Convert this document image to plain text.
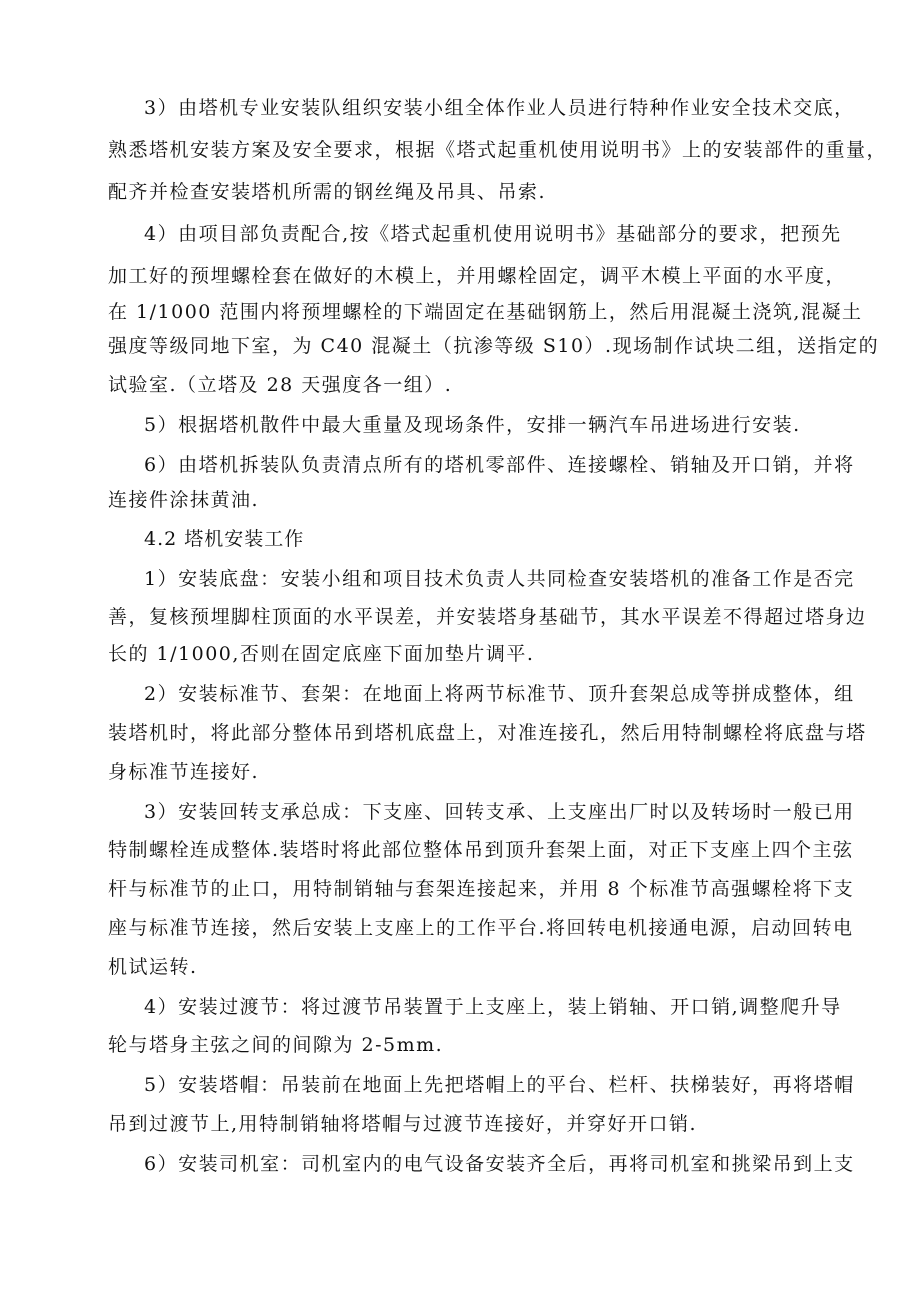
3）由塔机专业安装队组织安装小组全体作业人员进行特种作业安全技术交底，
熟悉塔机安装方案及安全要求，根据《塔式起重机使用说明书》上的安装部件的重量，
配齐并检查安装塔机所需的钢丝绳及吊具、吊索.
4）由项目部负责配合,按《塔式起重机使用说明书》基础部分的要求，把预先
加工好的预埋螺栓套在做好的木模上，并用螺栓固定，调平木模上平面的水平度，
在 1/1000 范围内将预埋螺栓的下端固定在基础钢筋上，然后用混凝土浇筑,混凝土
强度等级同地下室，为 C40 混凝土（抗渗等级 S10）.现场制作试块二组，送指定的
试验室.（立塔及 28 天强度各一组）.
5）根据塔机散件中最大重量及现场条件，安排一辆汽车吊进场进行安装.
6）由塔机拆装队负责清点所有的塔机零部件、连接螺栓、销轴及开口销，并将
连接件涂抹黄油.
4.2 塔机安装工作
1）安装底盘：安装小组和项目技术负责人共同检查安装塔机的准备工作是否完
善，复核预埋脚柱顶面的水平误差，并安装塔身基础节，其水平误差不得超过塔身边
长的 1/1000,否则在固定底座下面加垫片调平.
2）安装标准节、套架：在地面上将两节标准节、顶升套架总成等拼成整体，组
装塔机时，将此部分整体吊到塔机底盘上，对准连接孔，然后用特制螺栓将底盘与塔
身标准节连接好.
3）安装回转支承总成：下支座、回转支承、上支座出厂时以及转场时一般已用
特制螺栓连成整体.装塔时将此部位整体吊到顶升套架上面，对正下支座上四个主弦
杆与标准节的止口，用特制销轴与套架连接起来，并用 8 个标准节高强螺栓将下支
座与标准节连接，然后安装上支座上的工作平台.将回转电机接通电源，启动回转电
机试运转.
4）安装过渡节：将过渡节吊装置于上支座上，装上销轴、开口销,调整爬升导
轮与塔身主弦之间的间隙为 2-5mm.
5）安装塔帽：吊装前在地面上先把塔帽上的平台、栏杆、扶梯装好，再将塔帽
吊到过渡节上,用特制销轴将塔帽与过渡节连接好，并穿好开口销.
6）安装司机室：司机室内的电气设备安装齐全后，再将司机室和挑梁吊到上支
